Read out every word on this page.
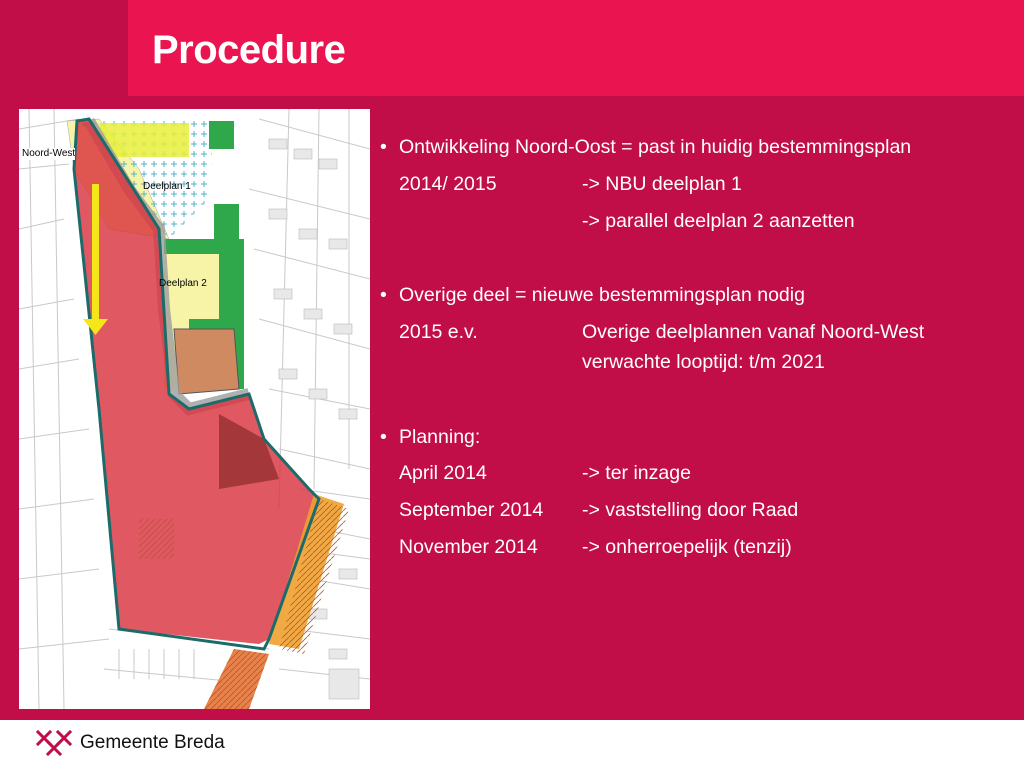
Procedure
Noord-West
Deelplan 1
Deelplan 2
• Ontwikkeling Noord-Oost = past in huidig bestemmingsplan
2014/ 2015	-> NBU deelplan 1
-> parallel deelplan 2 aanzetten
• Overige deel = nieuwe bestemmingsplan nodig
2015 e.v.	Overige deelplannen vanaf Noord-West
verwachte looptijd: t/m 2021
• Planning:
April 2014	-> ter inzage
September 2014 -> vaststelling door Raad
November 2014 -> onherroepelijk (tenzij)
Gemeente Breda
